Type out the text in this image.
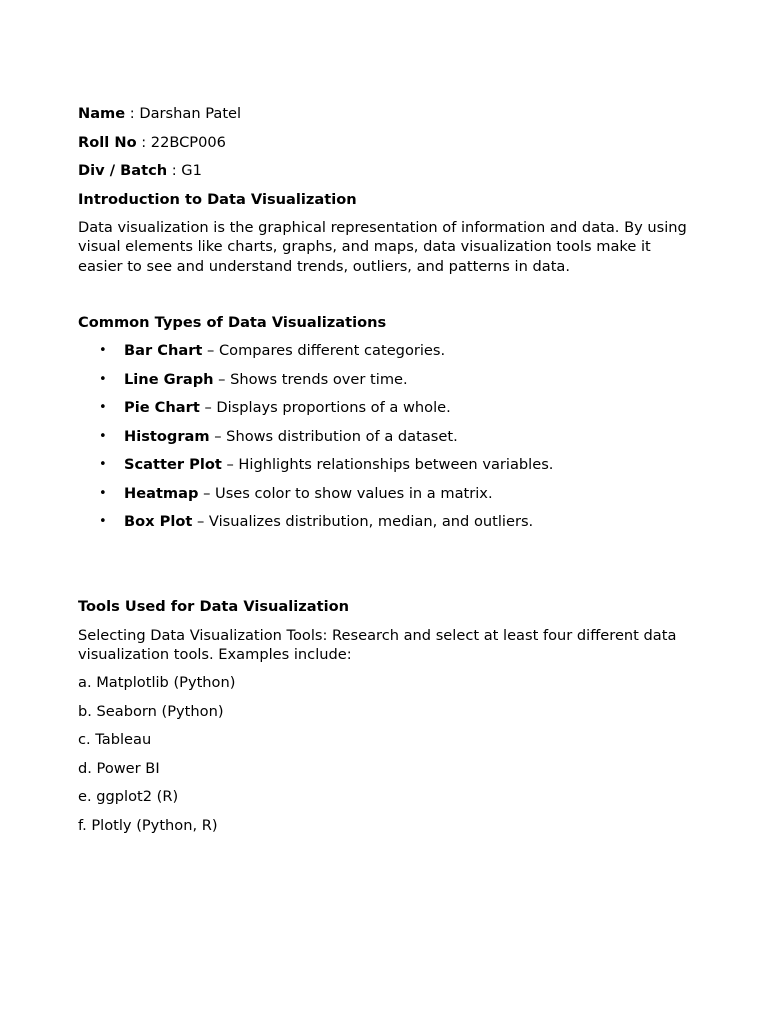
Name : Darshan Patel

Roll No : 22BCP006

Div / Batch : G1

Introduction to Data Visualization

Data visualization is the graphical representation of information and data. By using visual elements like charts, graphs, and maps, data visualization tools make it easier to see and understand trends, outliers, and patterns in data.

Common Types of Data Visualizations

• Bar Chart – Compares different categories.
• Line Graph – Shows trends over time.
• Pie Chart – Displays proportions of a whole.
• Histogram – Shows distribution of a dataset.
• Scatter Plot – Highlights relationships between variables.
• Heatmap – Uses color to show values in a matrix.
• Box Plot – Visualizes distribution, median, and outliers.

Tools Used for Data Visualization

Selecting Data Visualization Tools: Research and select at least four different data visualization tools. Examples include:

a. Matplotlib (Python)

b. Seaborn (Python)

c. Tableau

d. Power BI

e. ggplot2 (R)

f. Plotly (Python, R)
